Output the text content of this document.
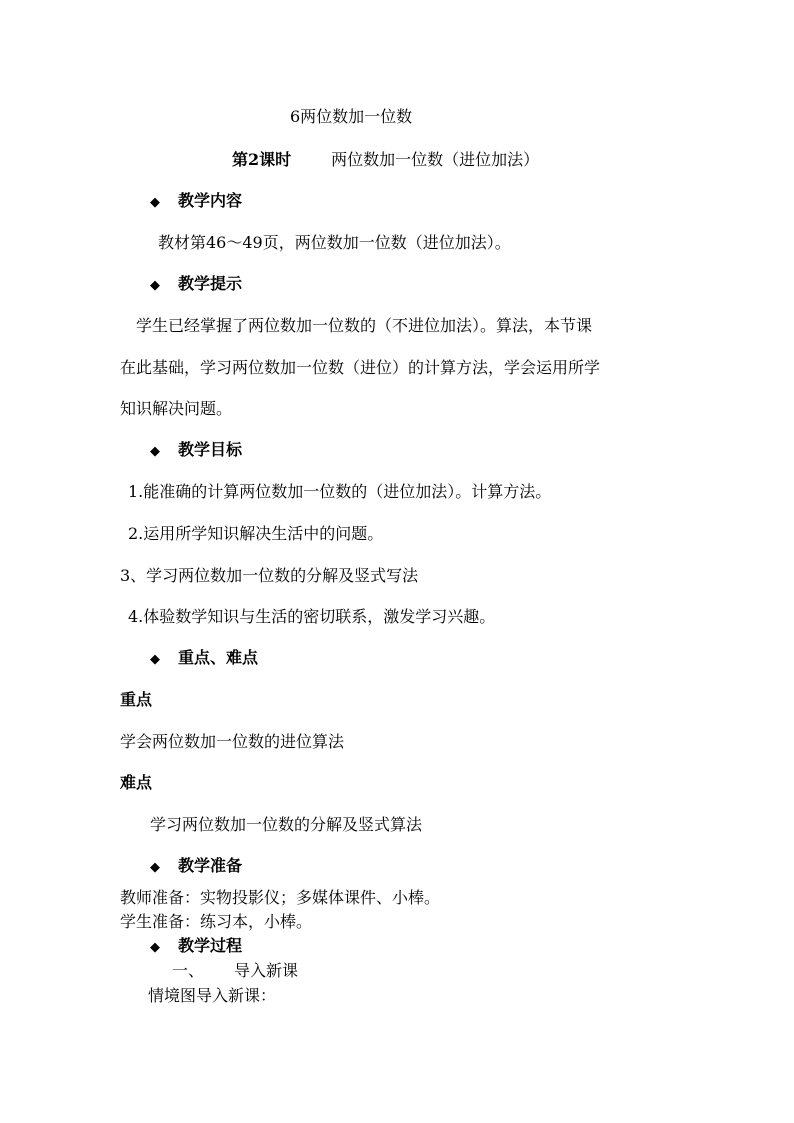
6两位数加一位数
第2课时	两位数加一位数（进位加法）
◆ 教学内容
教材第46～49页，两位数加一位数（进位加法）。
◆ 教学提示
学生已经掌握了两位数加一位数的（不进位加法）。算法，本节课
在此基础，学习两位数加一位数（进位）的计算方法，学会运用所学
知识解决问题。
◆ 教学目标
1.能准确的计算两位数加一位数的（进位加法）。计算方法。
2.运用所学知识解决生活中的问题。
3、学习两位数加一位数的分解及竖式写法
4.体验数学知识与生活的密切联系，激发学习兴趣。
◆ 重点、难点
重点
学会两位数加一位数的进位算法
难点
学习两位数加一位数的分解及竖式算法
◆ 教学准备
教师准备：实物投影仪；多媒体课件、小棒。
学生准备：练习本，小棒。
◆ 教学过程
一、 导入新课
情境图导入新课：
